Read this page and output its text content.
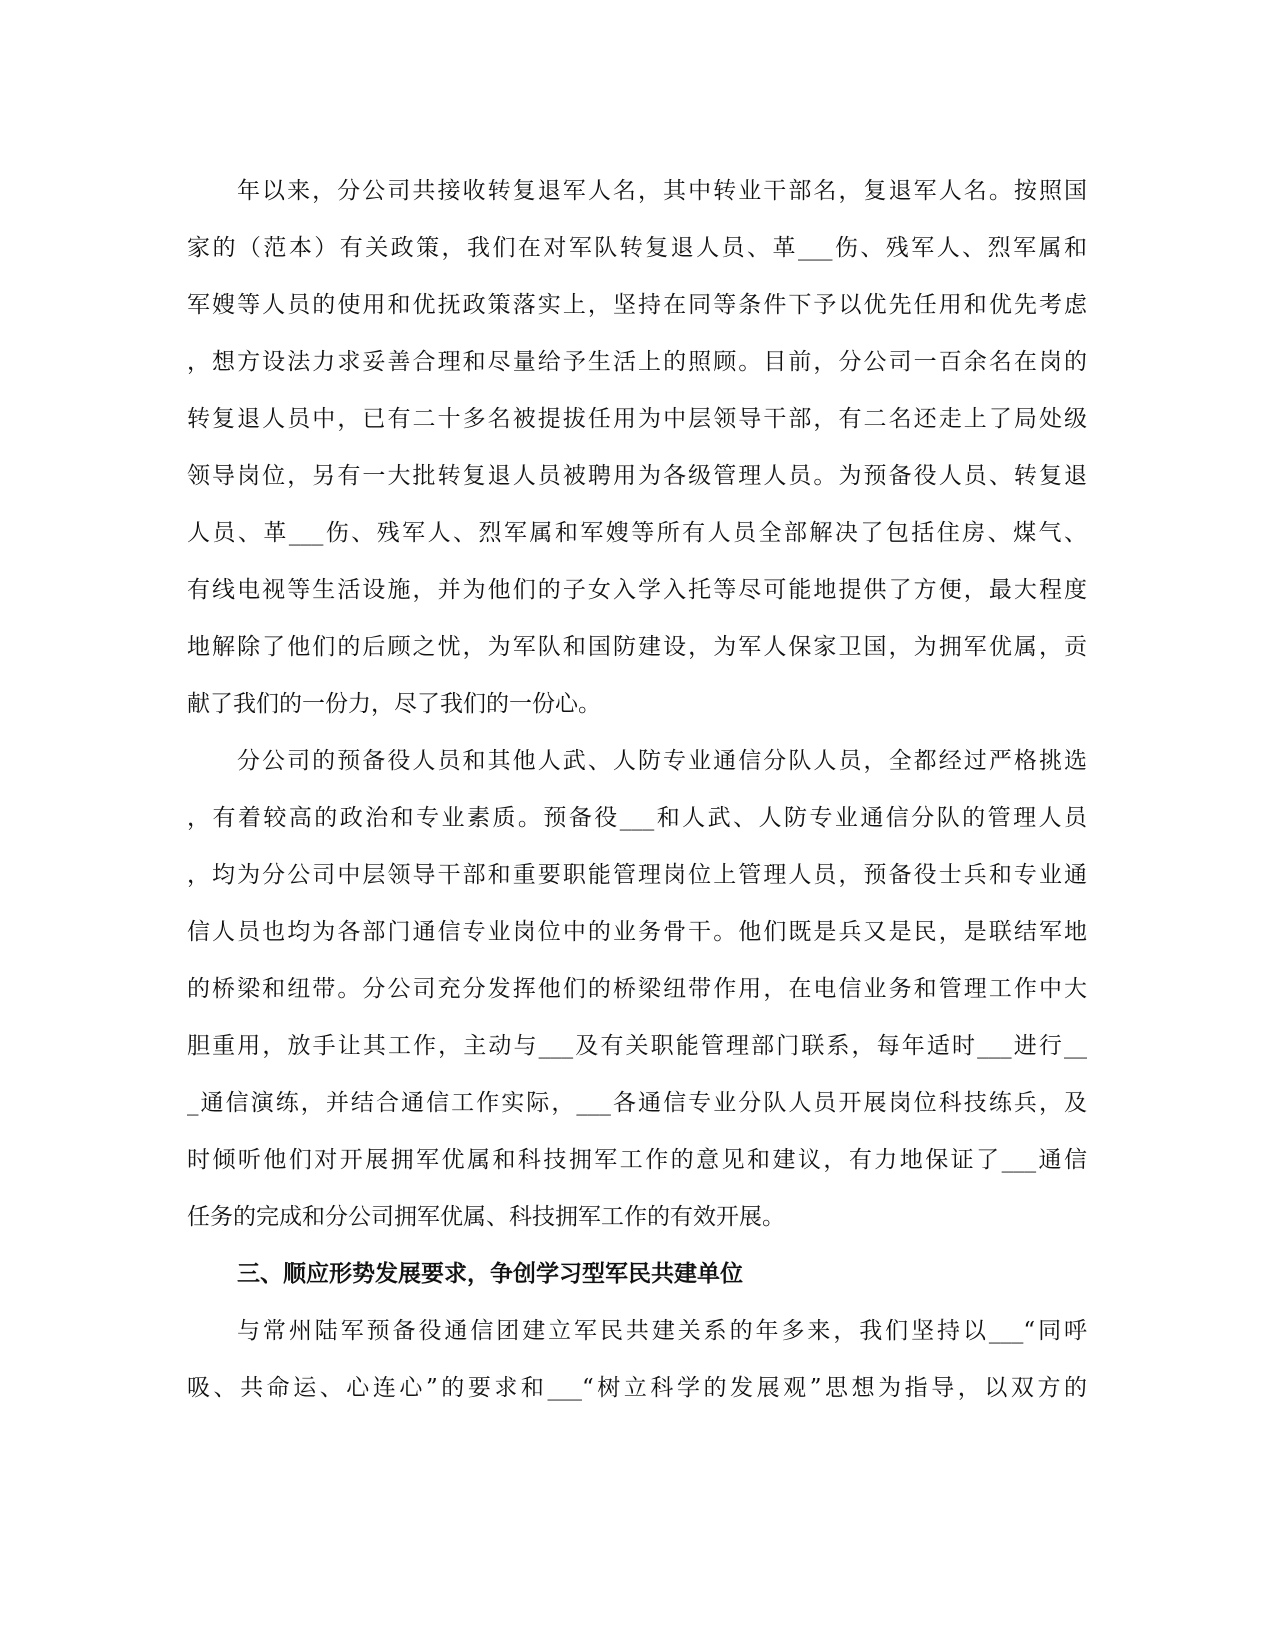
年以来，分公司共接收转复退军人名，其中转业干部名，复退军人名。按照国
家的（范本）有关政策，我们在对军队转复退人员、革___伤、残军人、烈军属和
军嫂等人员的使用和优抚政策落实上，坚持在同等条件下予以优先任用和优先考虑
，想方设法力求妥善合理和尽量给予生活上的照顾。目前，分公司一百余名在岗的
转复退人员中，已有二十多名被提拔任用为中层领导干部，有二名还走上了局处级
领导岗位，另有一大批转复退人员被聘用为各级管理人员。为预备役人员、转复退
人员、革___伤、残军人、烈军属和军嫂等所有人员全部解决了包括住房、煤气、
有线电视等生活设施，并为他们的子女入学入托等尽可能地提供了方便，最大程度
地解除了他们的后顾之忧，为军队和国防建设，为军人保家卫国，为拥军优属，贡
献了我们的一份力，尽了我们的一份心。
分公司的预备役人员和其他人武、人防专业通信分队人员，全都经过严格挑选
，有着较高的政治和专业素质。预备役___和人武、人防专业通信分队的管理人员
，均为分公司中层领导干部和重要职能管理岗位上管理人员，预备役士兵和专业通
信人员也均为各部门通信专业岗位中的业务骨干。他们既是兵又是民，是联结军地
的桥梁和纽带。分公司充分发挥他们的桥梁纽带作用，在电信业务和管理工作中大
胆重用，放手让其工作，主动与___及有关职能管理部门联系，每年适时___进行__
_通信演练，并结合通信工作实际，___各通信专业分队人员开展岗位科技练兵，及
时倾听他们对开展拥军优属和科技拥军工作的意见和建议，有力地保证了___通信
任务的完成和分公司拥军优属、科技拥军工作的有效开展。
三、顺应形势发展要求，争创学习型军民共建单位
与常州陆军预备役通信团建立军民共建关系的年多来，我们坚持以___“同呼
吸、共命运、心连心”的要求和___“树立科学的发展观”思想为指导，以双方的
